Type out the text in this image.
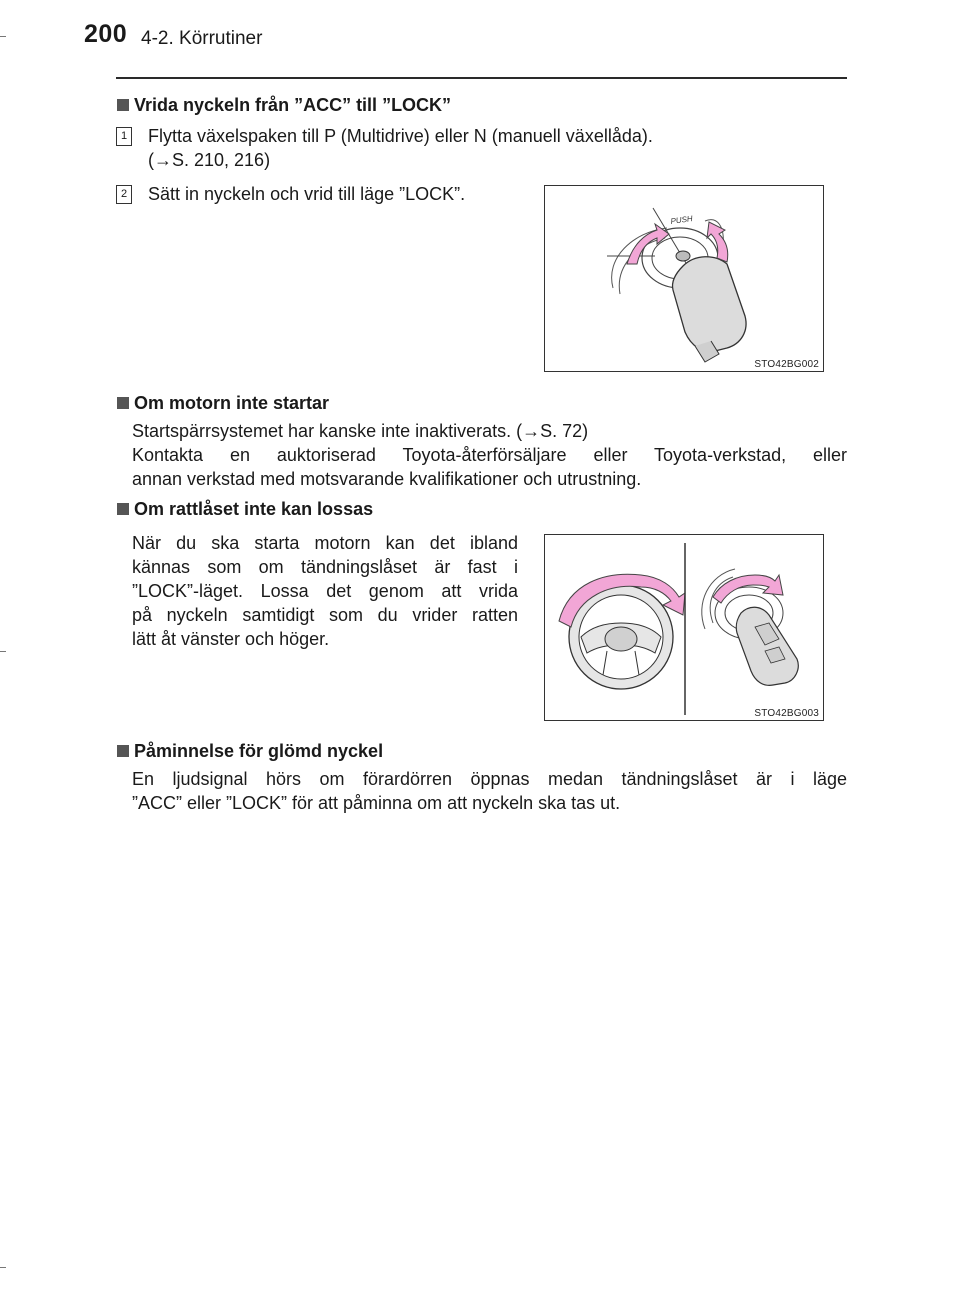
200 4-2. Körrutiner
Vrida nyckeln från ”ACC” till ”LOCK”
1 Flytta växelspaken till P (Multidrive) eller N (manuell växellåda).
(→S. 210, 216)
2 Sätt in nyckeln och vrid till läge ”LOCK”.
PUSH
STO42BG002
Om motorn inte startar
Startspärrsystemet har kanske inte inaktiverats. (→S. 72)
Kontakta en auktoriserad Toyota-återförsäljare eller Toyota-verkstad, eller
annan verkstad med motsvarande kvalifikationer och utrustning.
Om rattlåset inte kan lossas
När du ska starta motorn kan det ibland
kännas som om tändningslåset är fast i
”LOCK”-läget. Lossa det genom att vrida
på nyckeln samtidigt som du vrider ratten
lätt åt vänster och höger.
STO42BG003
Påminnelse för glömd nyckel
En ljudsignal hörs om förardörren öppnas medan tändningslåset är i läge
”ACC” eller ”LOCK” för att påminna om att nyckeln ska tas ut.
